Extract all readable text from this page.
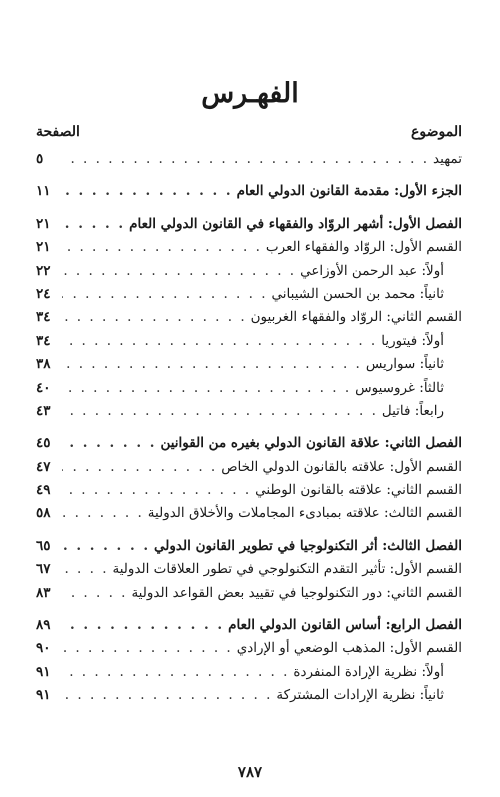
الفهـرس
الموضوع
الصفحة
تمهيد
. . .
٥
الجزء الأول: مقدمة القانون الدولي العام
. . .
١١
الفصل الأول: أشهر الروّاد والفقهاء في القانون الدولي العام
. . .
٢١
القسم الأول: الروّاد والفقهاء العرب
. . .
٢١
أولاً: عبد الرحمن الأوزاعي
. . .
٢٢
ثانياً: محمد بن الحسن الشيباني
. . .
٢٤
القسم الثاني: الروّاد والفقهاء الغربيون
. . .
٣٤
أولاً: فيتوريا
. . .
٣٤
ثانياً: سواريس
. . .
٣٨
ثالثاً: غروسيوس
. . .
٤٠
رابعاً: فاتيل
. . .
٤٣
الفصل الثاني: علاقة القانون الدولي بغيره من القوانين
. . .
٤٥
القسم الأول: علاقته بالقانون الدولي الخاص
. . .
٤٧
القسم الثاني: علاقته بالقانون الوطني
. . .
٤٩
القسم الثالث: علاقته بمبادىء المجاملات والأخلاق الدولية
. . .
٥٨
الفصل الثالث: أثر التكنولوجيا في تطوير القانون الدولي
. . .
٦٥
القسم الأول: تأثير التقدم التكنولوجي في تطور العلاقات الدولية
. . .
٦٧
القسم الثاني: دور التكنولوجيا في تقييد بعض القواعد الدولية
. . .
٨٣
الفصل الرابع: أساس القانون الدولي العام
. . .
٨٩
القسم الأول: المذهب الوضعي أو الإرادي
. . .
٩٠
أولاً: نظرية الإرادة المنفردة
. . .
٩١
ثانياً: نظرية الإرادات المشتركة
. . .
٩١
٧٨٧
